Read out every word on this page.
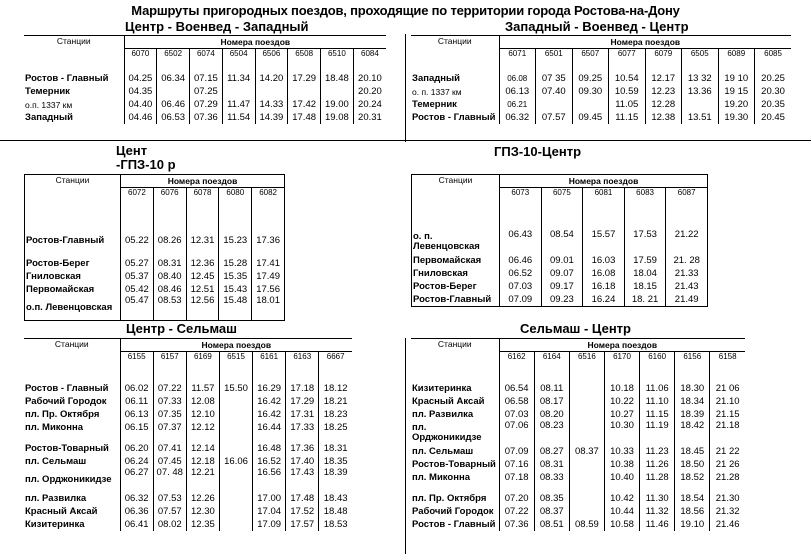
Маршруты пригородных поездов, проходящие по территории города Ростова-на-Дону
Центр - Военвед - Западный	Западный - Военвед - Центр
Цент -ГПЗ-10 р
ГПЗ-10-Центр
Центр - Сельмаш	Сельмаш - Центр
Станции	Номера поездов							
	6070	6502	6074	6504	6506	6508	6510	6084

Ростов - Главный	04.25	06.34	07.15	11.34	14.20	17.29	18.48	20.10
Темерник	04.35		07.25					20.20
о.п. 1337 км	04.40	06.46	07.29	11.47	14.33	17.42	19.00	20.24
Западный	04.46	06.53	07.36	11.54	14.39	17.48	19.08	20.31
Станции	Номера поездов							
	6071	6501	6507	6077	6079	6505	6089	6085

Западный	06.08	07 35	09.25	10.54	12.17	13 32	19 10	20.25
о. п. 1337 км	06.13	07.40	09.30	10.59	12.23	13.36	19 15	20.30
Темерник	06.21			11.05	12.28		19.20	20.35
Ростов - Главный	06.32	07.57	09.45	11.15	12.38	13.51	19.30	20.45
Станции	Номера поездов				
	6072	6076	6078	6080	6082

Ростов-Главный	05.22	08.26	12.31	15.23	17.36

Ростов-Берег	05.27	08.31	12.36	15.28	17.41
Гниловская	05.37	08.40	12.45	15.35	17.49
Первомайская	05.42	08.46	12.51	15.43	17.56
о.п. Левенцовская	05.47	08.53	12.56	15.48	18.01
Станции	Номера поездов				
	6073	6075	6081	6083	6087

о. п. Левенцовская	06.43	08.54	15.57	17.53	21.22
Первомайская	06.46	09.01	16.03	17.59	21. 28
Гниловская	06.52	09.07	16.08	18.04	21.33
Ростов-Берег	07.03	09.17	16.18	18.15	21.43
Ростов-Главный	07.09	09.23	16.24	18. 21	21.49
Станции	Номера поездов						
	6155	6157	6169	6515	6161	6163	6667

Ростов - Главный	06.02	07.22	11.57	15.50	16.29	17.18	18.12
Рабочий Городок	06.11	07.33	12.08		16.42	17.29	18.21
пл. Пр. Октября	06.13	07.35	12.10		16.42	17.31	18.23
пл. Миконна	06.15	07.37	12.12		16.44	17.33	18.25

Ростов-Товарный	06.20	07.41	12.14		16.48	17.36	18.31
пл. Сельмаш	06.24	07.45	12.18	16.06	16.52	17.40	18.35
пл. Орджоникидзе	06.27	07. 48	12.21		16.56	17.43	18.39
пл. Развилка	06.32	07.53	12.26		17.00	17.48	18.43
Красный Аксай	06.36	07.57	12.30		17.04	17.52	18.48
Кизитеринка	06.41	08.02	12.35		17.09	17.57	18.53
Станции	Номера поездов						
	6162	6164	6516	6170	6160	6156	6158

Кизитеринка	06.54	08.11		10.18	11.06	18.30	21 06
Красный Аксай	06.58	08.17		10.22	11.10	18.34	21.10
пл. Развилка	07.03	08.20		10.27	11.15	18.39	21.15
пл. Орджоникидзе	07.06	08.23		10.30	11.19	18.42	21.18
пл. Сельмаш	07.09	08.27	08.37	10.33	11.23	18.45	21 22
Ростов-Товарный	07.16	08.31		10.38	11.26	18.50	21 26
пл. Миконна	07.18	08.33		10.40	11.28	18.52	21.28

пл. Пр. Октября	07.20	08.35		10.42	11.30	18.54	21.30
Рабочий Городок	07.22	08.37		10.44	11.32	18.56	21.32
Ростов - Главный	07.36	08.51	08.59	10.58	11.46	19.10	21.46
